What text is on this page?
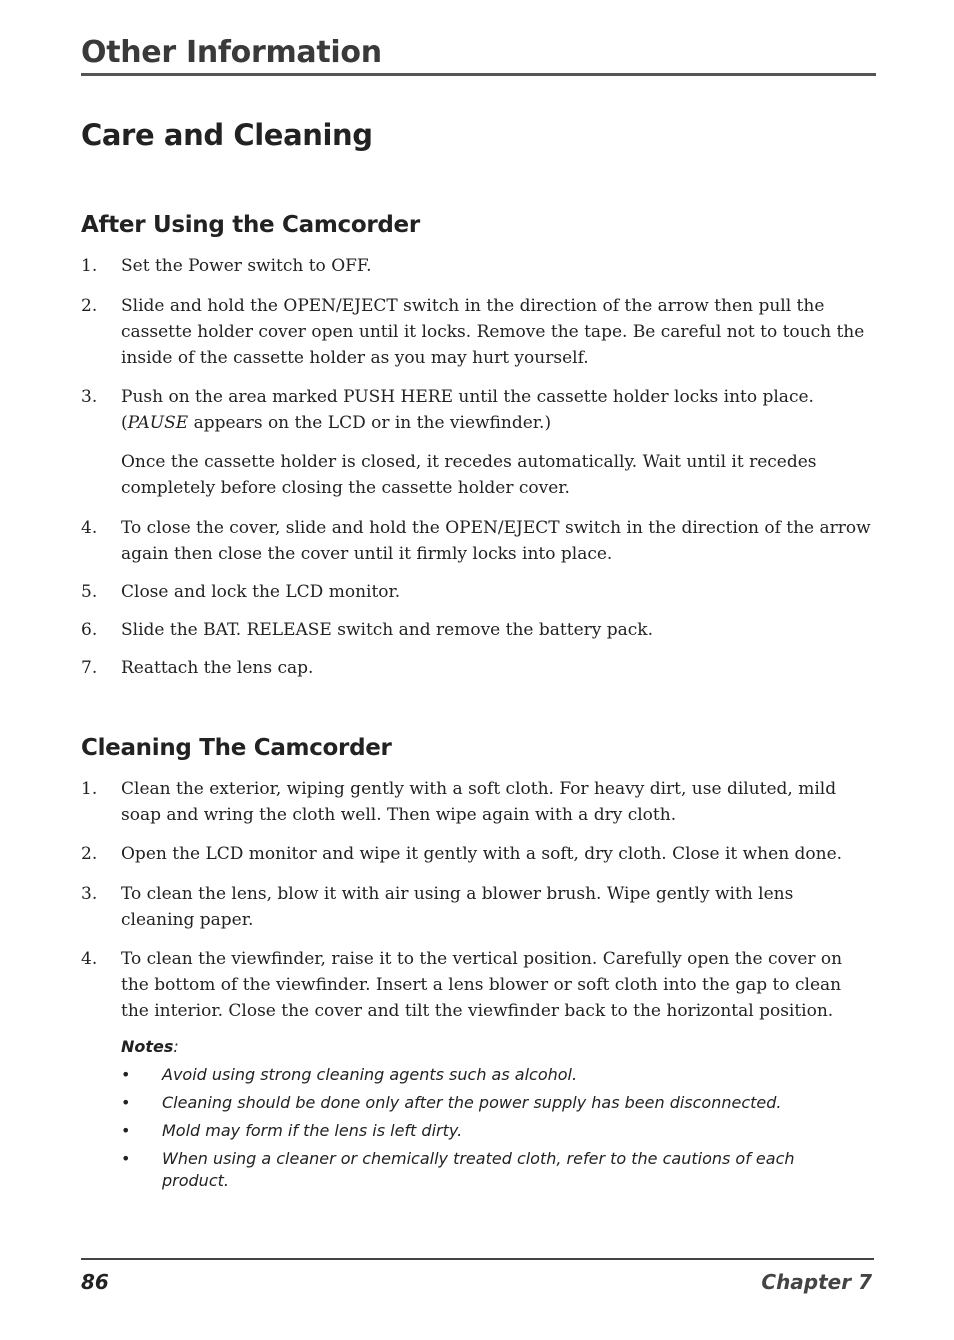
Other Information
Care and Cleaning
After Using the Camcorder
1. Set the Power switch to OFF.
2. Slide and hold the OPEN/EJECT switch in the direction of the arrow then pull the cassette holder cover open until it locks. Remove the tape. Be careful not to touch the inside of the cassette holder as you may hurt yourself.
3. Push on the area marked PUSH HERE until the cassette holder locks into place. (PAUSE appears on the LCD or in the viewfinder.)
Once the cassette holder is closed, it recedes automatically. Wait until it recedes completely before closing the cassette holder cover.
4. To close the cover, slide and hold the OPEN/EJECT switch in the direction of the arrow again then close the cover until it firmly locks into place.
5. Close and lock the LCD monitor.
6. Slide the BAT. RELEASE switch and remove the battery pack.
7. Reattach the lens cap.
Cleaning The Camcorder
1. Clean the exterior, wiping gently with a soft cloth. For heavy dirt, use diluted, mild soap and wring the cloth well. Then wipe again with a dry cloth.
2. Open the LCD monitor and wipe it gently with a soft, dry cloth. Close it when done.
3. To clean the lens, blow it with air using a blower brush. Wipe gently with lens cleaning paper.
4. To clean the viewfinder, raise it to the vertical position. Carefully open the cover on the bottom of the viewfinder. Insert a lens blower or soft cloth into the gap to clean the interior. Close the cover and tilt the viewfinder back to the horizontal position.
Notes:
• Avoid using strong cleaning agents such as alcohol.
• Cleaning should be done only after the power supply has been disconnected.
• Mold may form if the lens is left dirty.
• When using a cleaner or chemically treated cloth, refer to the cautions of each product.
86	Chapter 7
